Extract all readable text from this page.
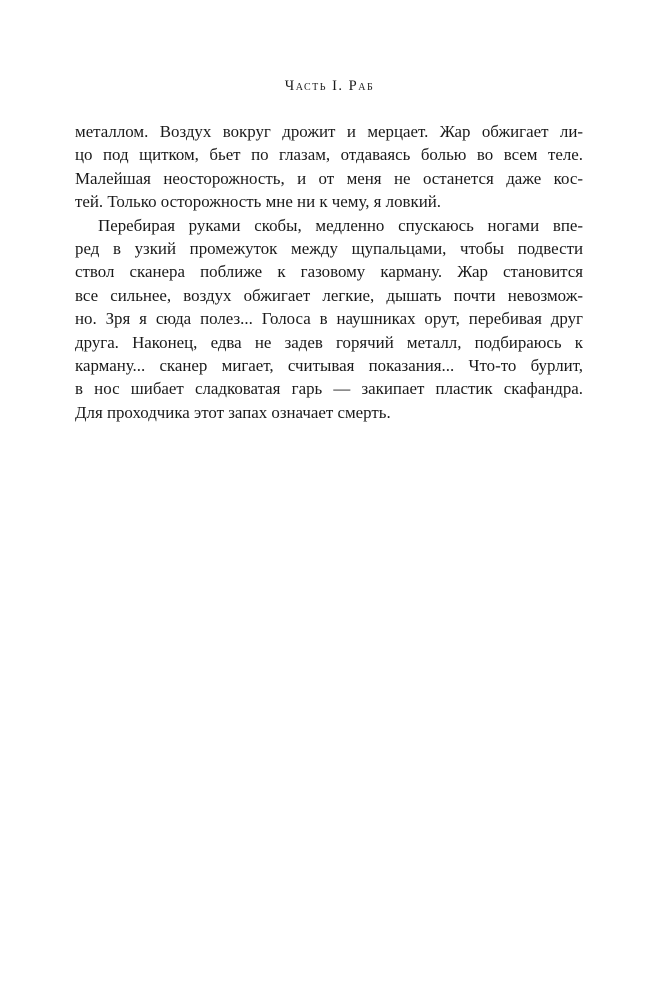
Часть I. Раб

металлом. Воздух вокруг дрожит и мерцает. Жар обжигает ли-
цо под щитком, бьет по глазам, отдаваясь болью во всем теле.
Малейшая неосторожность, и от меня не останется даже кос-
тей. Только осторожность мне ни к чему, я ловкий.

Перебирая руками скобы, медленно спускаюсь ногами впе-
ред в узкий промежуток между щупальцами, чтобы подвести
ствол сканера поближе к газовому карману. Жар становится
все сильнее, воздух обжигает легкие, дышать почти невозмож-
но. Зря я сюда полез... Голоса в наушниках орут, перебивая друг
друга. Наконец, едва не задев горячий металл, подбираюсь к
карману... сканер мигает, считывая показания... Что-то бурлит,
в нос шибает сладковатая гарь — закипает пластик скафандра.
Для проходчика этот запах означает смерть.
